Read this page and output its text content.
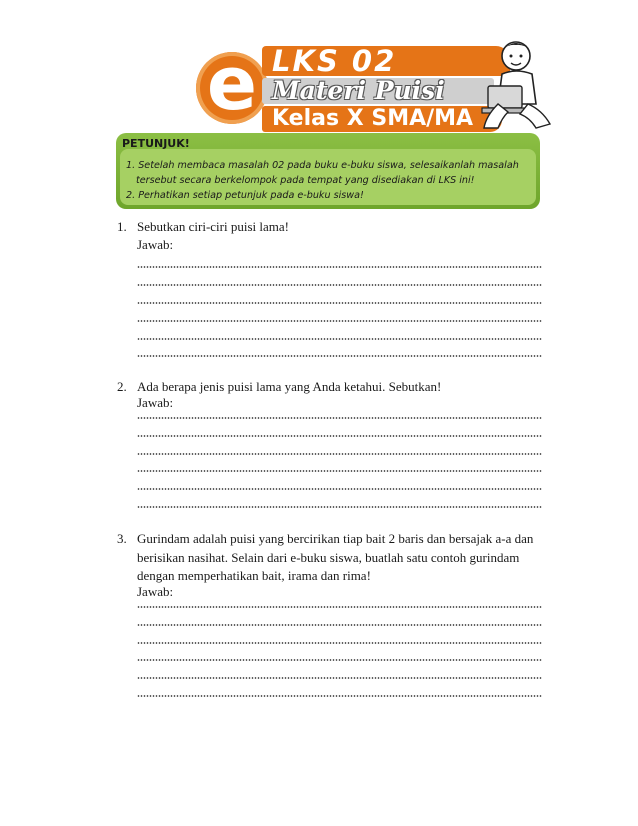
e LKS 02
Materi Puisi
Kelas X SMA/MA
PETUNJUK!
1. Setelah membaca masalah 02 pada buku e-buku siswa, selesaikanlah masalah
tersebut secara berkelompok pada tempat yang disediakan di LKS ini!
2. Perhatikan setiap petunjuk pada e-buku siswa!
1. Sebutkan ciri-ciri puisi lama!
Jawab:
2. Ada berapa jenis puisi lama yang Anda ketahui. Sebutkan!
Jawab:
3. Gurindam adalah puisi yang bercirikan tiap bait 2 baris dan bersajak a-a dan
berisikan nasihat. Selain dari e-buku siswa, buatlah satu contoh gurindam
dengan memperhatikan bait, irama dan rima!
Jawab:
